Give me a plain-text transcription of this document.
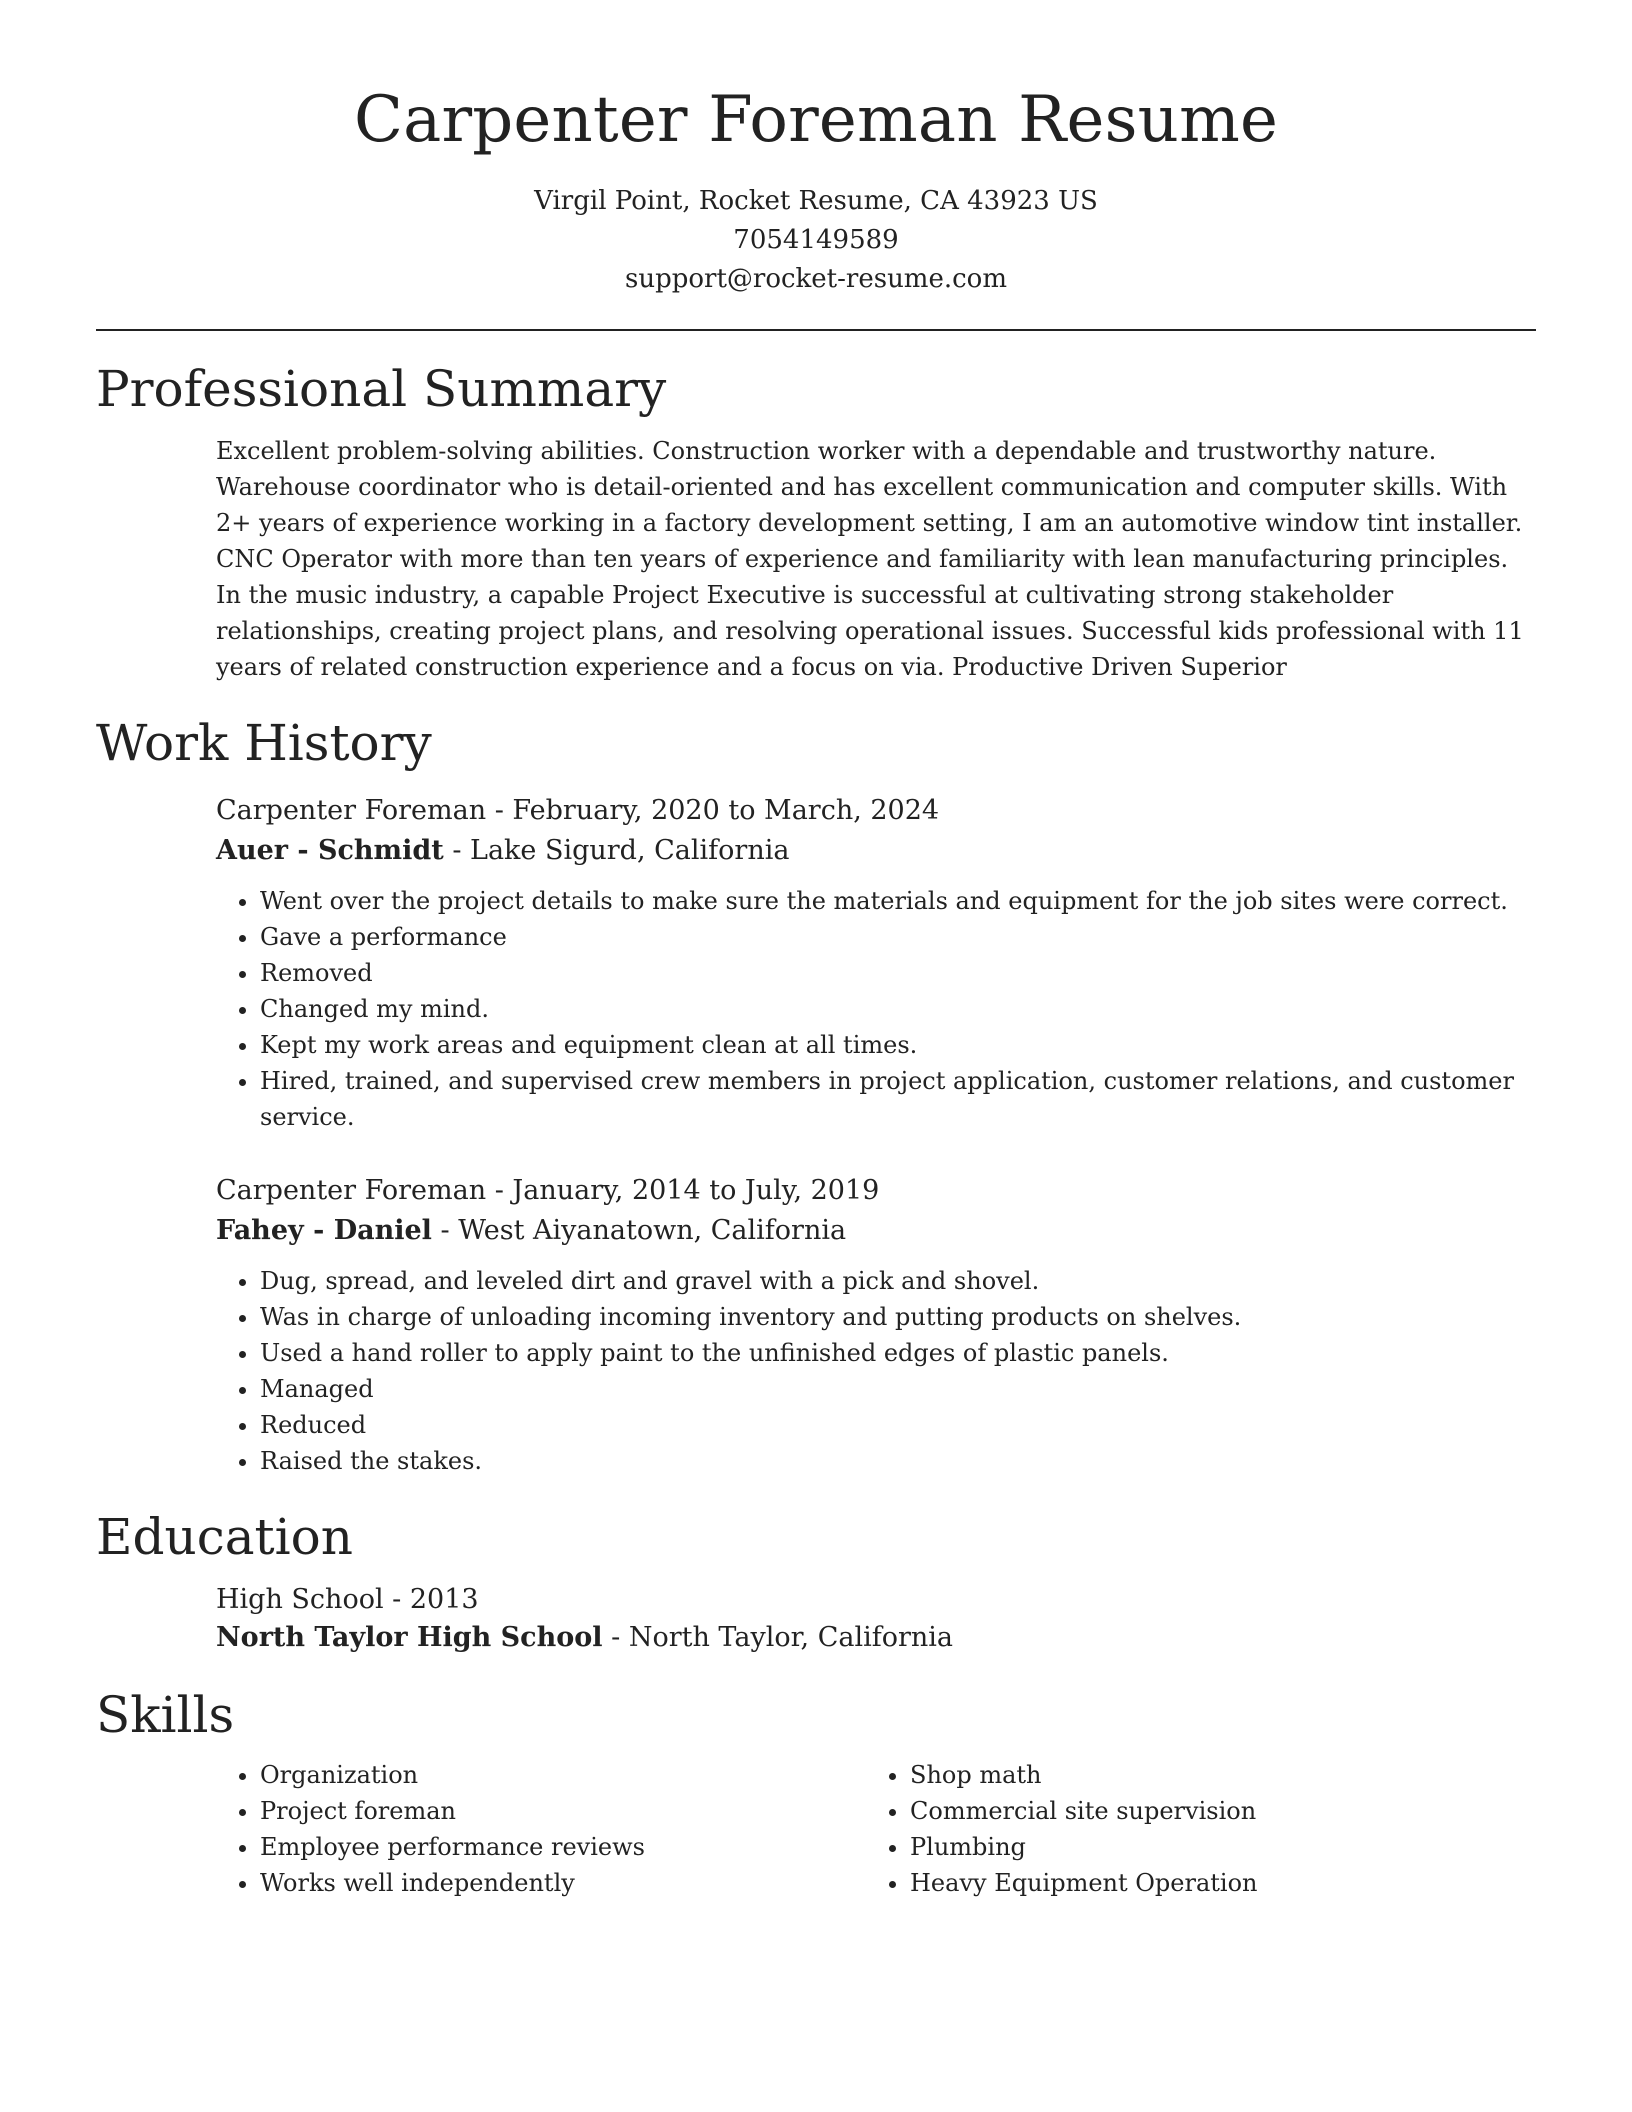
Carpenter Foreman Resume
Virgil Point, Rocket Resume, CA 43923 US
7054149589
support@rocket-resume.com
Professional Summary

Excellent problem-solving abilities. Construction worker with a dependable and trustworthy nature. Warehouse coordinator who is detail-oriented and has excellent communication and computer skills. With 2+ years of experience working in a factory development setting, I am an automotive window tint installer. CNC Operator with more than ten years of experience and familiarity with lean manufacturing principles. In the music industry, a capable Project Executive is successful at cultivating strong stakeholder relationships, creating project plans, and resolving operational issues. Successful kids professional with 11 years of related construction experience and a focus on via. Productive Driven Superior

Work History
Carpenter Foreman - February, 2020 to March, 2024
Auer - Schmidt - Lake Sigurd, California
• Went over the project details to make sure the materials and equipment for the job sites were correct.
• Gave a performance
• Removed
• Changed my mind.
• Kept my work areas and equipment clean at all times.
• Hired, trained, and supervised crew members in project application, customer relations, and customer service.
Carpenter Foreman - January, 2014 to July, 2019
Fahey - Daniel - West Aiyanatown, California
• Dug, spread, and leveled dirt and gravel with a pick and shovel.
• Was in charge of unloading incoming inventory and putting products on shelves.
• Used a hand roller to apply paint to the unfinished edges of plastic panels.
• Managed
• Reduced
• Raised the stakes.
Education
High School - 2013
North Taylor High School - North Taylor, California
Skills
• Organization
• Project foreman
• Employee performance reviews
• Works well independently
• Shop math
• Commercial site supervision
• Plumbing
• Heavy Equipment Operation
